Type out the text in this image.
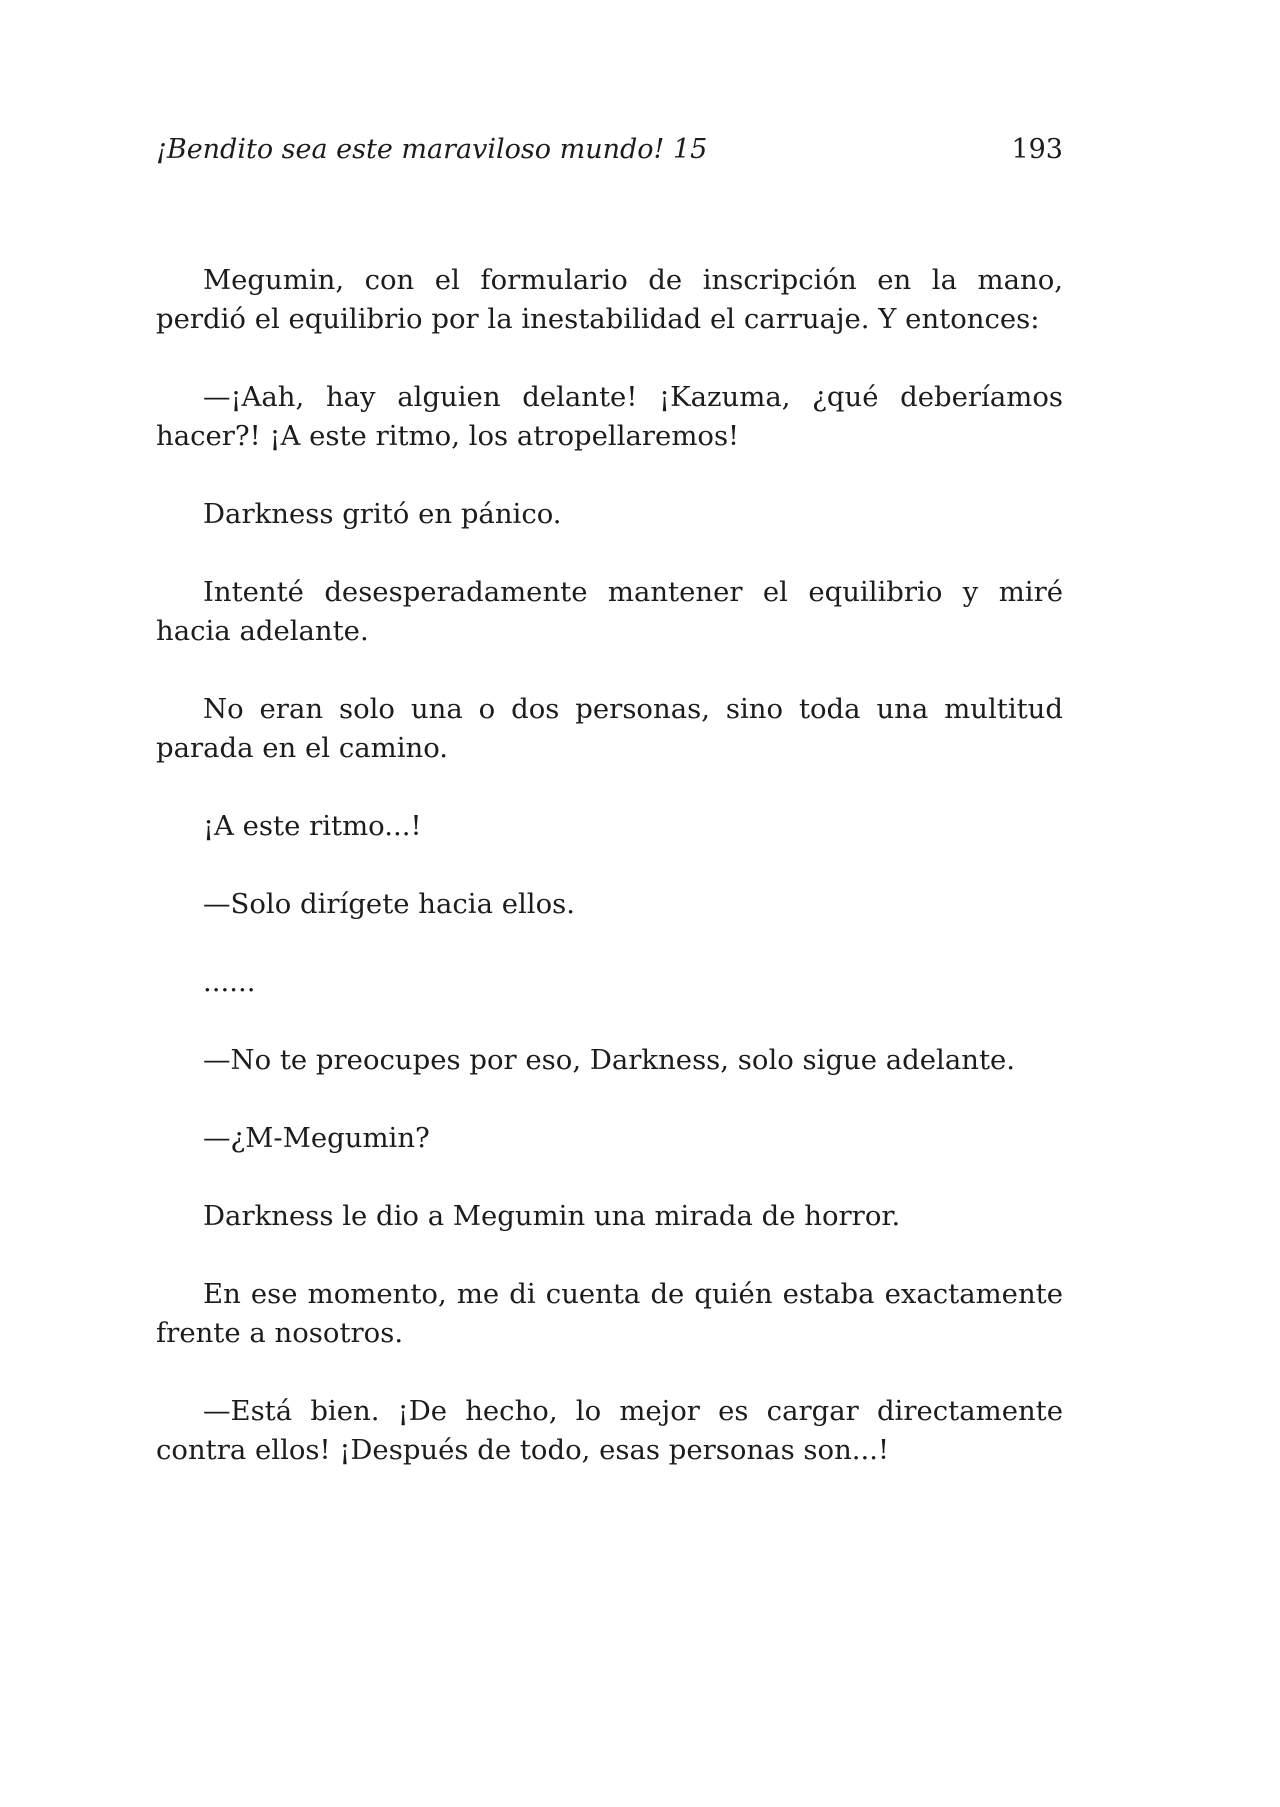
¡Bendito sea este maraviloso mundo! 15	193

Megumin, con el formulario de inscripción en la mano, perdió el equilibrio por la inestabilidad el carruaje. Y entonces:

—¡Aah, hay alguien delante! ¡Kazuma, ¿qué deberíamos hacer?! ¡A este ritmo, los atropellaremos!

Darkness gritó en pánico.

Intenté desesperadamente mantener el equilibrio y miré hacia adelante.

No eran solo una o dos personas, sino toda una multitud parada en el camino.

¡A este ritmo...!

—Solo dirígete hacia ellos.

......

—No te preocupes por eso, Darkness, solo sigue adelante.

—¿M-Megumin?

Darkness le dio a Megumin una mirada de horror.

En ese momento, me di cuenta de quién estaba exactamente frente a nosotros.

—Está bien. ¡De hecho, lo mejor es cargar directamente contra ellos! ¡Después de todo, esas personas son...!
